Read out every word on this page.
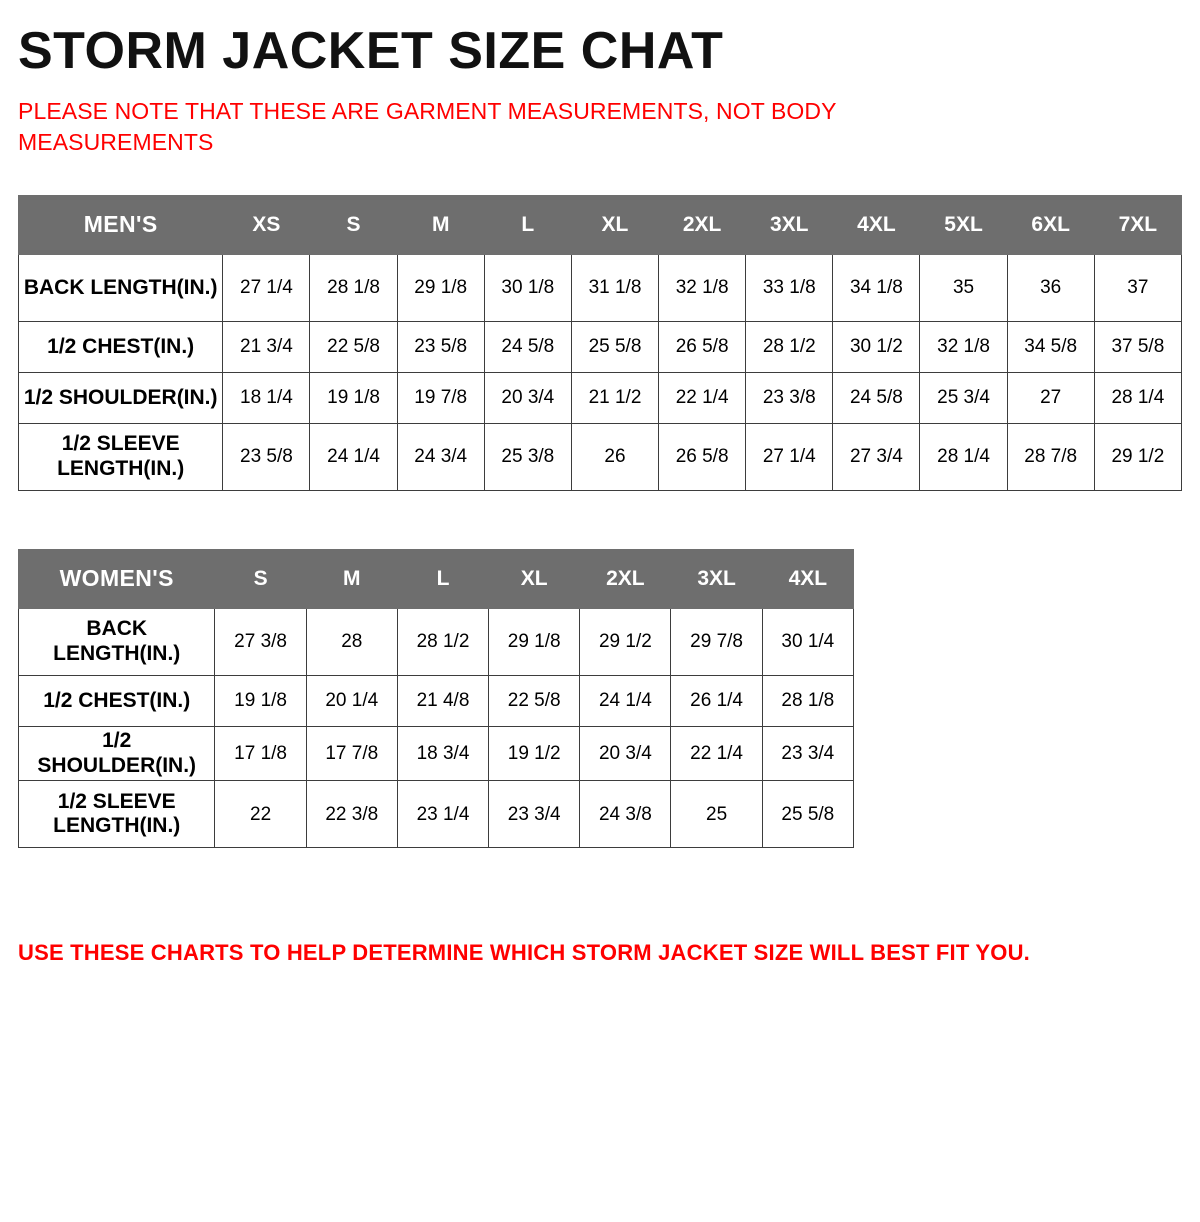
STORM JACKET SIZE CHAT

PLEASE NOTE THAT THESE ARE GARMENT MEASUREMENTS, NOT BODY MEASUREMENTS

MEN'S	XS	S	M	L	XL	2XL	3XL	4XL	5XL	6XL	7XL
BACK LENGTH(IN.)	27 1/4	28 1/8	29 1/8	30 1/8	31 1/8	32 1/8	33 1/8	34 1/8	35	36	37
1/2 CHEST(IN.)	21 3/4	22 5/8	23 5/8	24 5/8	25 5/8	26 5/8	28 1/2	30 1/2	32 1/8	34 5/8	37 5/8
1/2 SHOULDER(IN.)	18 1/4	19 1/8	19 7/8	20 3/4	21 1/2	22 1/4	23 3/8	24 5/8	25 3/4	27	28 1/4
1/2 SLEEVE LENGTH(IN.)	23 5/8	24 1/4	24 3/4	25 3/8	26	26 5/8	27 1/4	27 3/4	28 1/4	28 7/8	29 1/2
WOMEN'S	S	M	L	XL	2XL	3XL	4XL
BACK LENGTH(IN.)	27 3/8	28	28 1/2	29 1/8	29 1/2	29 7/8	30 1/4
1/2 CHEST(IN.)	19 1/8	20 1/4	21 4/8	22 5/8	24 1/4	26 1/4	28 1/8
1/2 SHOULDER(IN.)	17 1/8	17 7/8	18 3/4	19 1/2	20 3/4	22 1/4	23 3/4
1/2 SLEEVE LENGTH(IN.)	22	22 3/8	23 1/4	23 3/4	24 3/8	25	25 5/8

USE THESE CHARTS TO HELP DETERMINE WHICH STORM JACKET SIZE WILL BEST FIT YOU.
